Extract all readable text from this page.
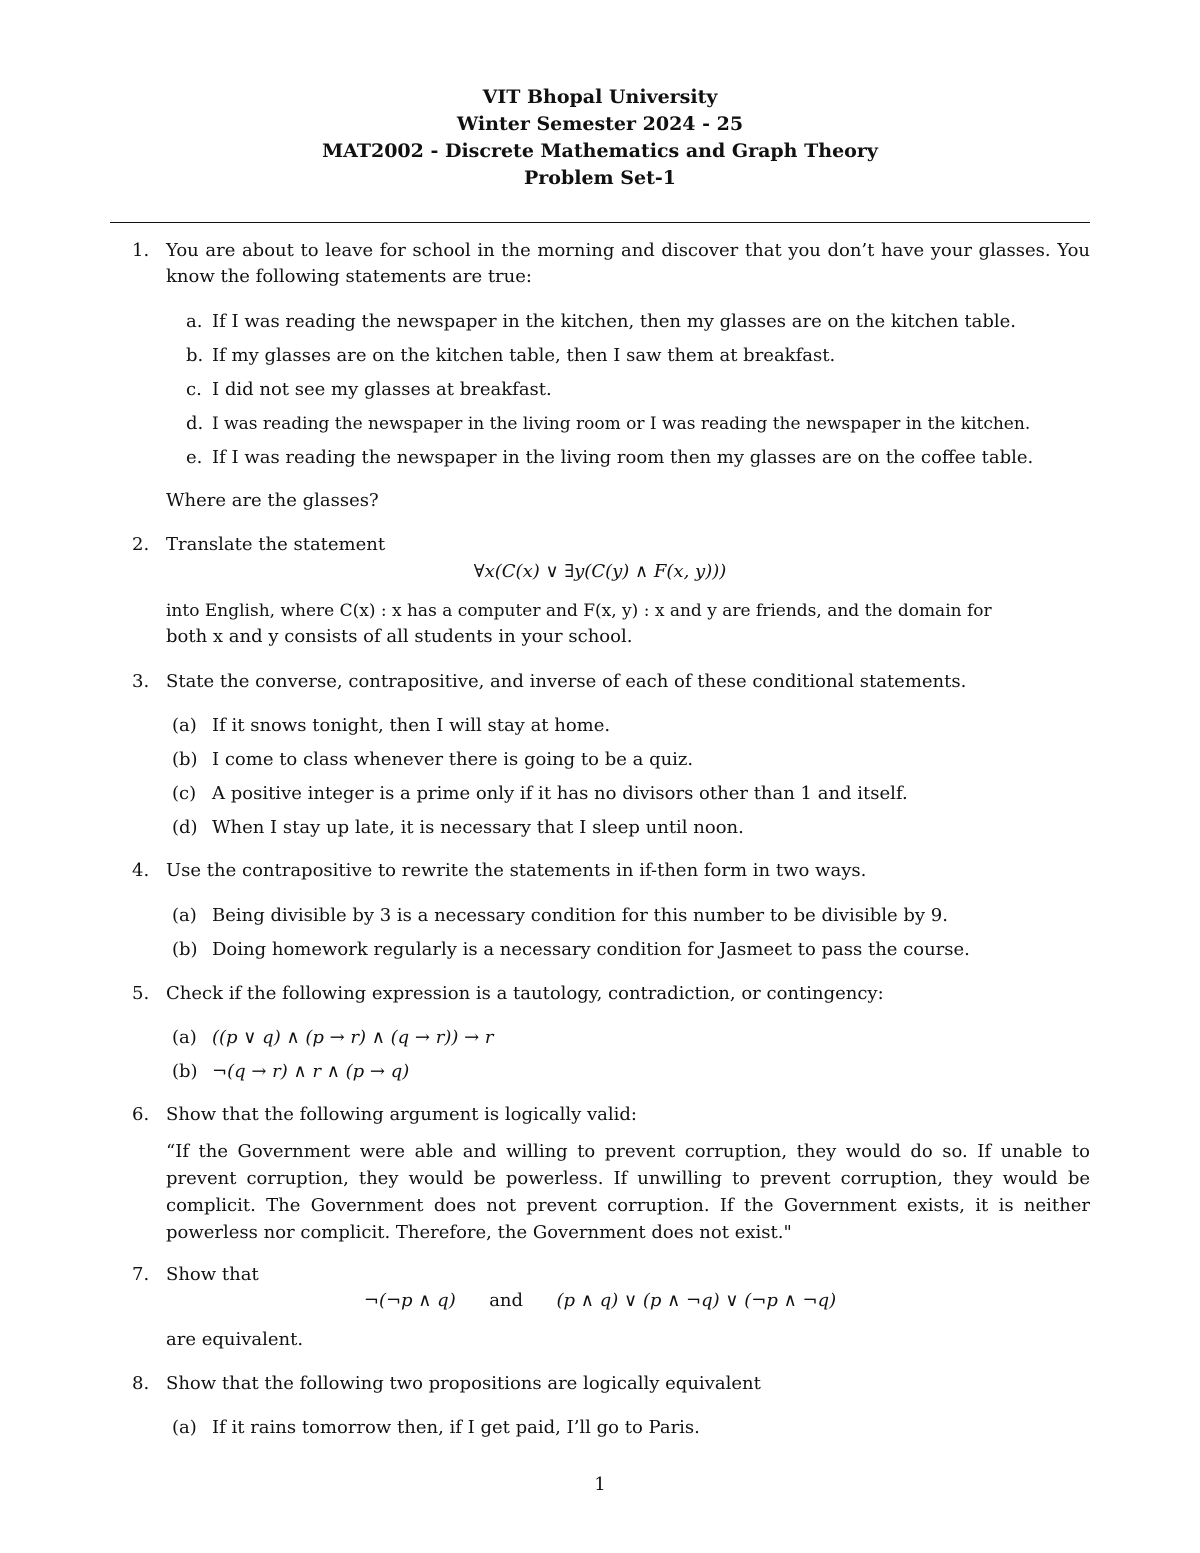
VIT Bhopal University
Winter Semester 2024 - 25
MAT2002 - Discrete Mathematics and Graph Theory
Problem Set-1
1. You are about to leave for school in the morning and discover that you don’t have your glasses. You know the following statements are true:
a. If I was reading the newspaper in the kitchen, then my glasses are on the kitchen table.
b. If my glasses are on the kitchen table, then I saw them at breakfast.
c. I did not see my glasses at breakfast.
d. I was reading the newspaper in the living room or I was reading the newspaper in the kitchen.
e. If I was reading the newspaper in the living room then my glasses are on the coffee table.
Where are the glasses?
2. Translate the statement
∀x(C(x) ∨ ∃y(C(y) ∧ F(x, y)))
into English, where C(x) : x has a computer and F(x, y) : x and y are friends, and the domain for
both x and y consists of all students in your school.
3. State the converse, contrapositive, and inverse of each of these conditional statements.
(a) If it snows tonight, then I will stay at home.
(b) I come to class whenever there is going to be a quiz.
(c) A positive integer is a prime only if it has no divisors other than 1 and itself.
(d) When I stay up late, it is necessary that I sleep until noon.
4. Use the contrapositive to rewrite the statements in if-then form in two ways.
(a) Being divisible by 3 is a necessary condition for this number to be divisible by 9.
(b) Doing homework regularly is a necessary condition for Jasmeet to pass the course.
5. Check if the following expression is a tautology, contradiction, or contingency:
(a) ((p ∨ q) ∧ (p → r) ∧ (q → r)) → r
(b) ¬(q → r) ∧ r ∧ (p → q)
6. Show that the following argument is logically valid:
“If the Government were able and willing to prevent corruption, they would do so. If unable to prevent corruption, they would be powerless. If unwilling to prevent corruption, they would be complicit. The Government does not prevent corruption. If the Government exists, it is neither powerless nor complicit. Therefore, the Government does not exist."
7. Show that
¬(¬p ∧ q) and (p ∧ q) ∨ (p ∧ ¬q) ∨ (¬p ∧ ¬q)
are equivalent.
8. Show that the following two propositions are logically equivalent
(a) If it rains tomorrow then, if I get paid, I’ll go to Paris.
1
